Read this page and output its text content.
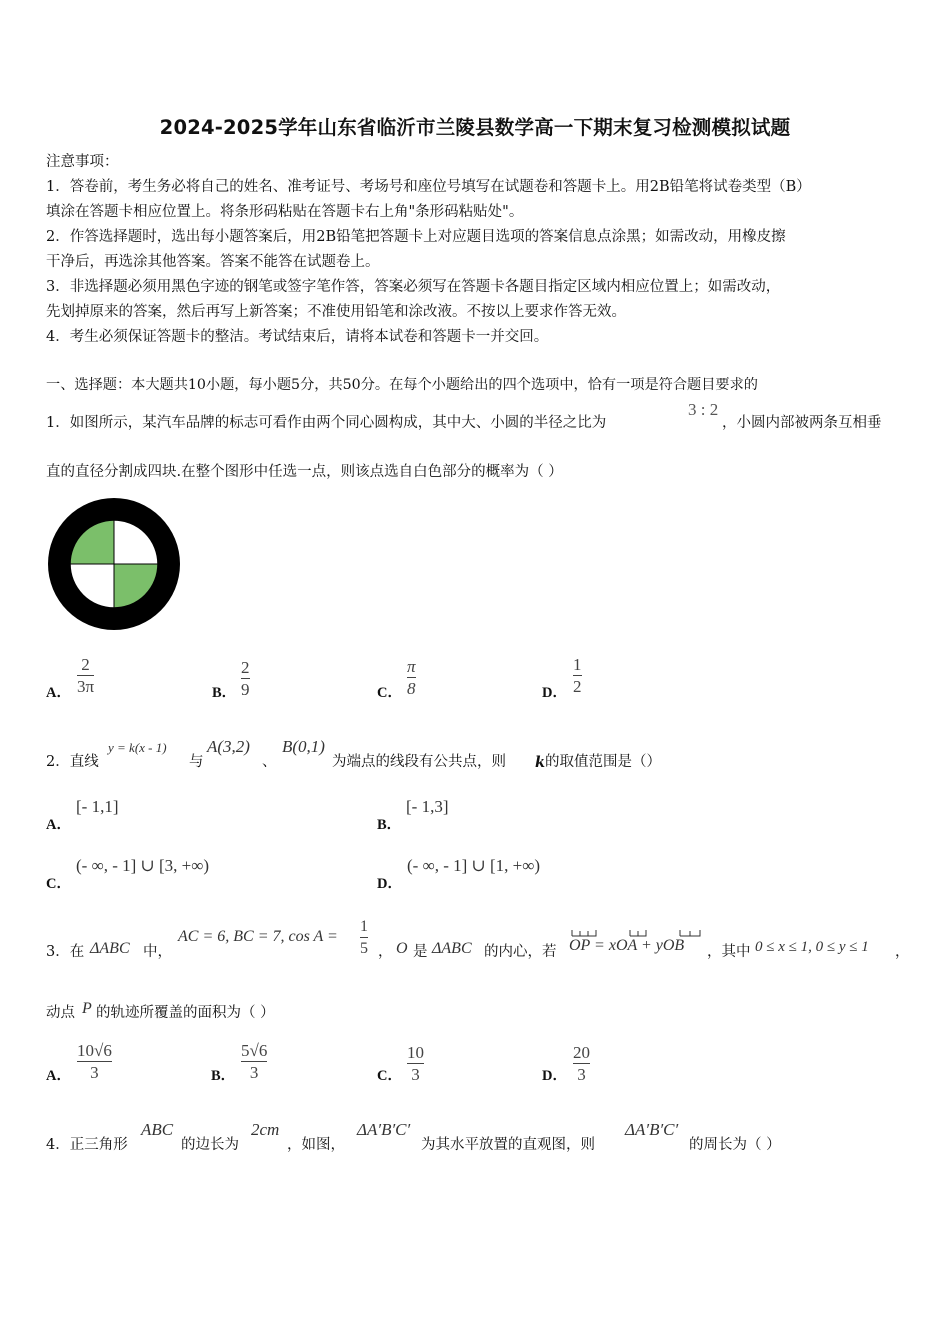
2024-2025学年山东省临沂市兰陵县数学高一下期末复习检测模拟试题
注意事项：
1．答卷前，考生务必将自己的姓名、准考证号、考场号和座位号填写在试题卷和答题卡上。用2B铅笔将试卷类型（B）
填涂在答题卡相应位置上。将条形码粘贴在答题卡右上角"条形码粘贴处"。
2．作答选择题时，选出每小题答案后，用2B铅笔把答题卡上对应题目选项的答案信息点涂黑；如需改动，用橡皮擦
干净后，再选涂其他答案。答案不能答在试题卷上。
3．非选择题必须用黑色字迹的钢笔或签字笔作答，答案必须写在答题卡各题目指定区域内相应位置上；如需改动，
先划掉原来的答案，然后再写上新答案；不准使用铅笔和涂改液。不按以上要求作答无效。
4．考生必须保证答题卡的整洁。考试结束后，请将本试卷和答题卡一并交回。
一、选择题：本大题共10小题，每小题5分，共50分。在每个小题给出的四个选项中，恰有一项是符合题目要求的
1．如图所示，某汽车品牌的标志可看作由两个同心圆构成，其中大、小圆的半径之比为
3 : 2
，小圆内部被两条互相垂
直的直径分割成四块.在整个图形中任选一点，则该点选自白色部分的概率为（ ）
A．
2
3π	B．
2
9	C．
π
8	D．
1
2
2．直线
y = k(x - 1)
与
A(3,2)
、
B(0,1)
为端点的线段有公共点，则 k 的取值范围是（）
A．
[- 1,1]
B．
[- 1,3]
C．
(- ∞, - 1] ∪ [3, +∞)
D．
(- ∞, - 1] ∪ [1, +∞)
3．在 ΔABC 中，
AC = 6, BC = 7, cos A =
1
5 ， O 是 ΔABC 的内心，若 OP = xOA + yOB ，其中 0 ≤ x ≤ 1, 0 ≤ y ≤ 1 ，
动点 P 的轨迹所覆盖的面积为（ ）
A．
10√6
3	B．
5√6
3	C．
10
3	D．
20
3
4．正三角形
ABC
的边长为
2cm
，如图，
ΔA′B′C′
为其水平放置的直观图，则
ΔA′B′C′
的周长为（ ）
